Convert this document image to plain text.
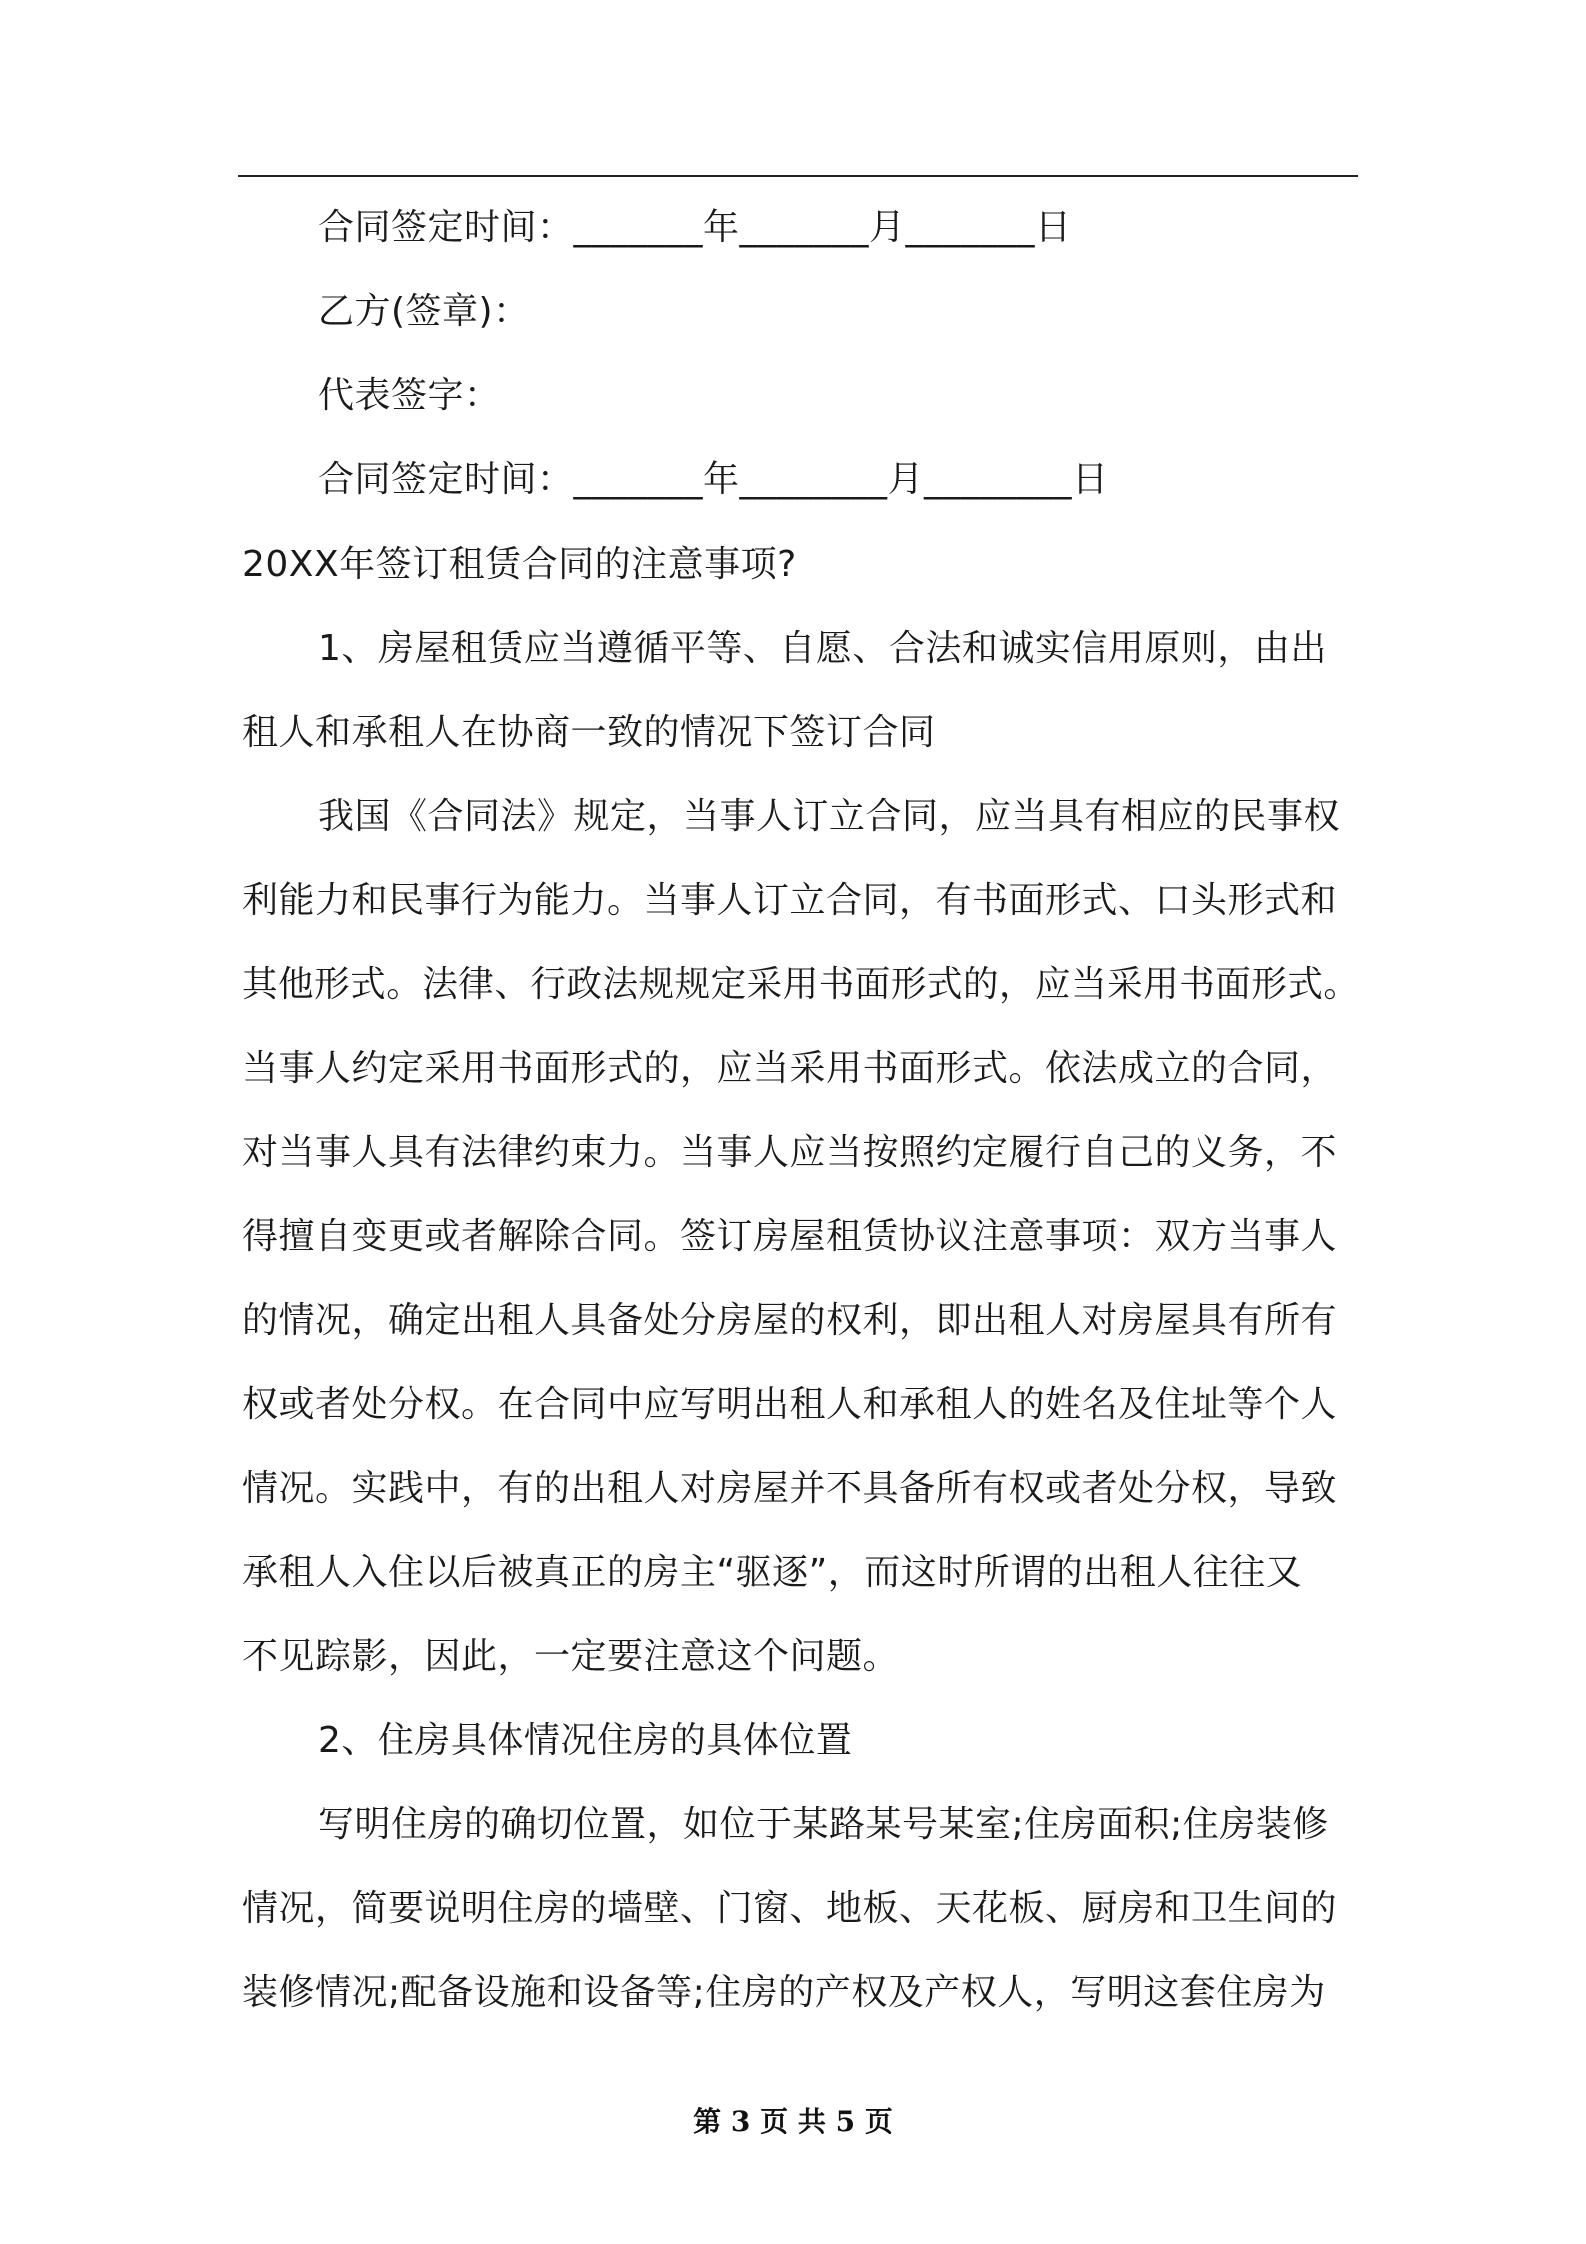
合同签定时间：_______年_______月_______日
乙方(签章)：
代表签字：
合同签定时间：_______年________月________日
20XX年签订租赁合同的注意事项?
1、房屋租赁应当遵循平等、自愿、合法和诚实信用原则，由出
租人和承租人在协商一致的情况下签订合同
我国《合同法》规定，当事人订立合同，应当具有相应的民事权
利能力和民事行为能力。当事人订立合同，有书面形式、口头形式和
其他形式。法律、行政法规规定采用书面形式的，应当采用书面形式。
当事人约定采用书面形式的，应当采用书面形式。依法成立的合同，
对当事人具有法律约束力。当事人应当按照约定履行自己的义务，不
得擅自变更或者解除合同。签订房屋租赁协议注意事项：双方当事人
的情况，确定出租人具备处分房屋的权利，即出租人对房屋具有所有
权或者处分权。在合同中应写明出租人和承租人的姓名及住址等个人
情况。实践中，有的出租人对房屋并不具备所有权或者处分权，导致
承租人入住以后被真正的房主“驱逐”，而这时所谓的出租人往往又
不见踪影，因此，一定要注意这个问题。
2、住房具体情况住房的具体位置
写明住房的确切位置，如位于某路某号某室;住房面积;住房装修
情况，简要说明住房的墙壁、门窗、地板、天花板、厨房和卫生间的
装修情况;配备设施和设备等;住房的产权及产权人，写明这套住房为
第 3 页 共 5 页
